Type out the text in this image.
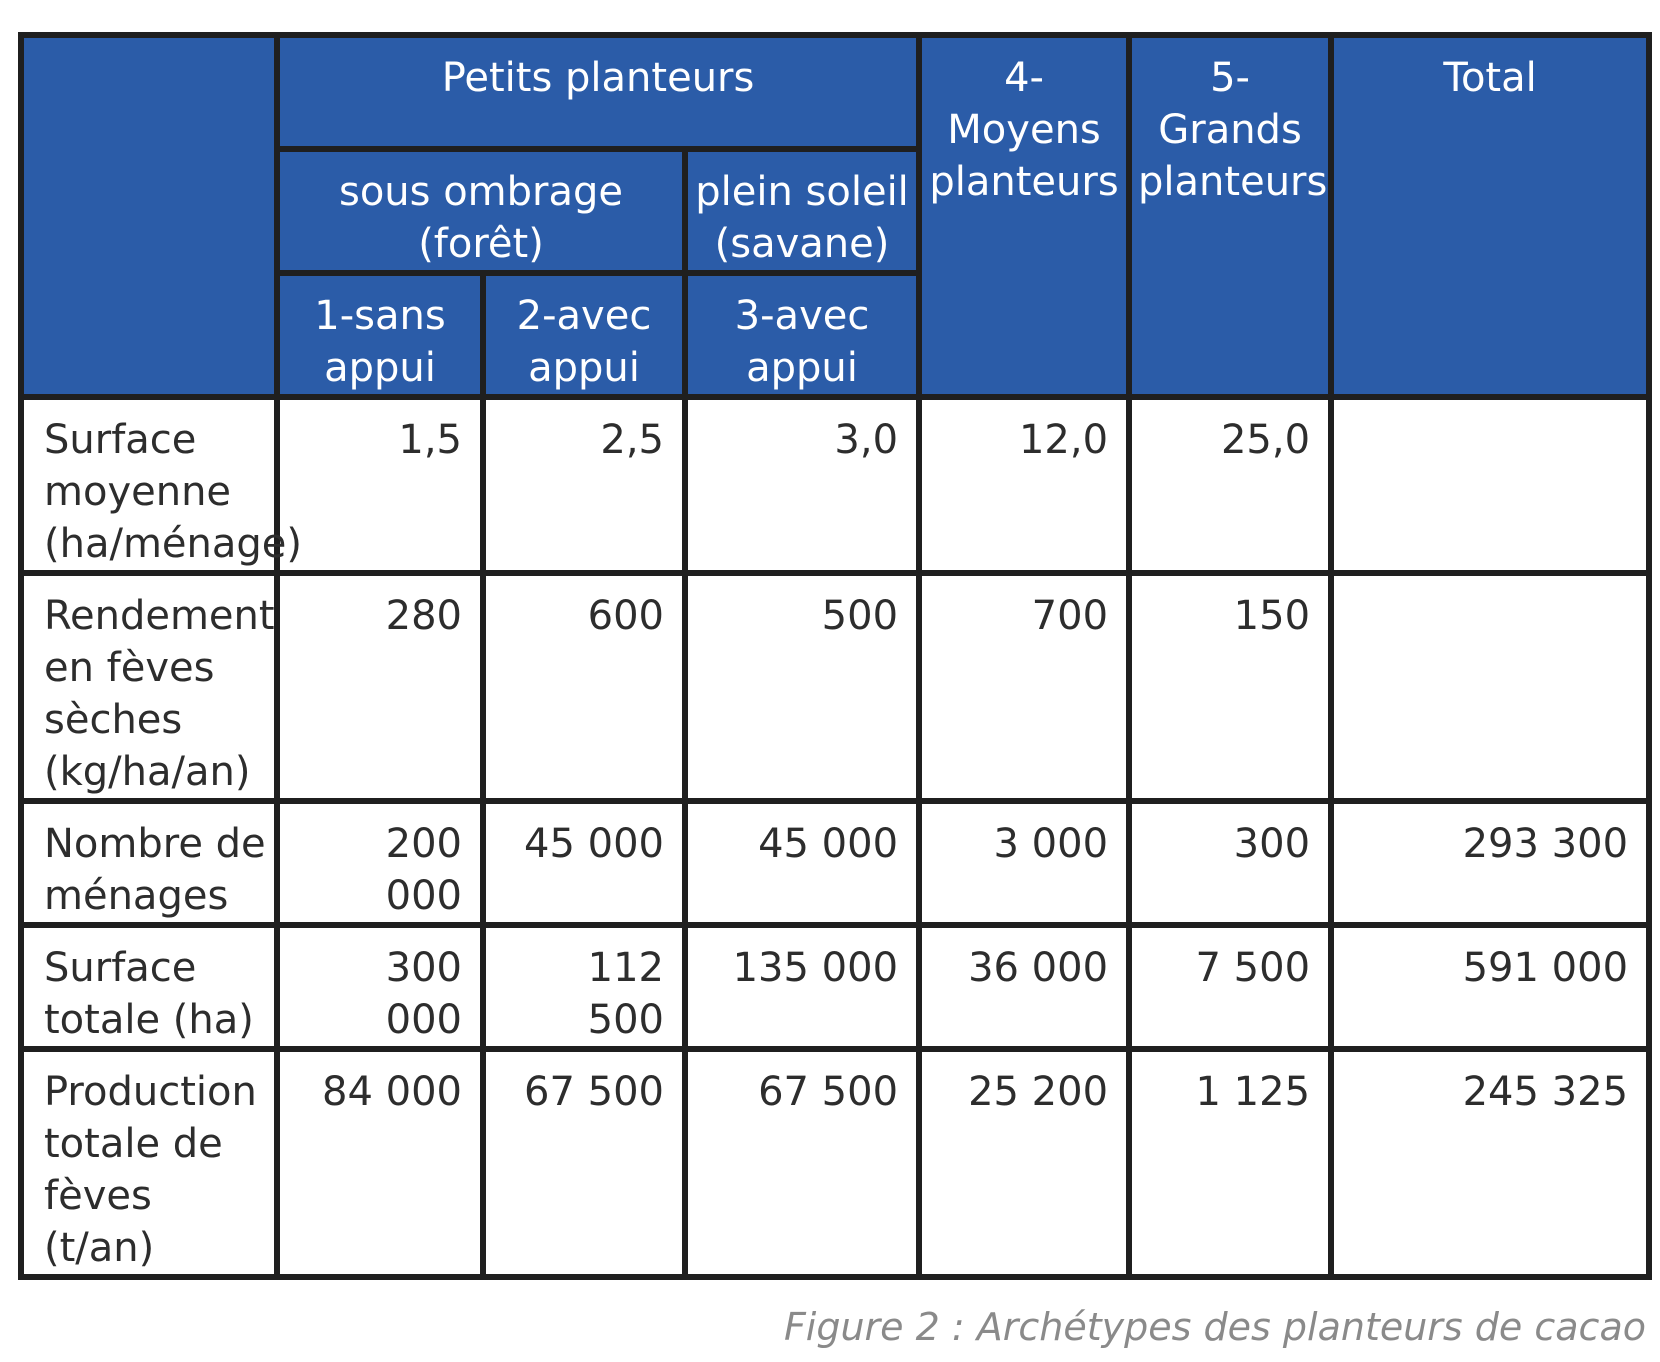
	Petits planteurs			4-Moyens planteurs	5-Grands planteurs	Total
	sous ombrage (forêt)		plein soleil (savane)			
	1-sans appui	2-avec appui	3-avec appui			
Surface moyenne (ha/ménage)	1,5	2,5	3,0	12,0	25,0	
Rendement en fèves sèches (kg/ha/an)	280	600	500	700	150	
Nombre de ménages	200 000	45 000	45 000	3 000	300	293 300
Surface totale (ha)	300 000	112 500	135 000	36 000	7 500	591 000
Production totale de fèves (t/an)	84 000	67 500	67 500	25 200	1 125	245 325
Figure 2 : Archétypes des planteurs de cacao
